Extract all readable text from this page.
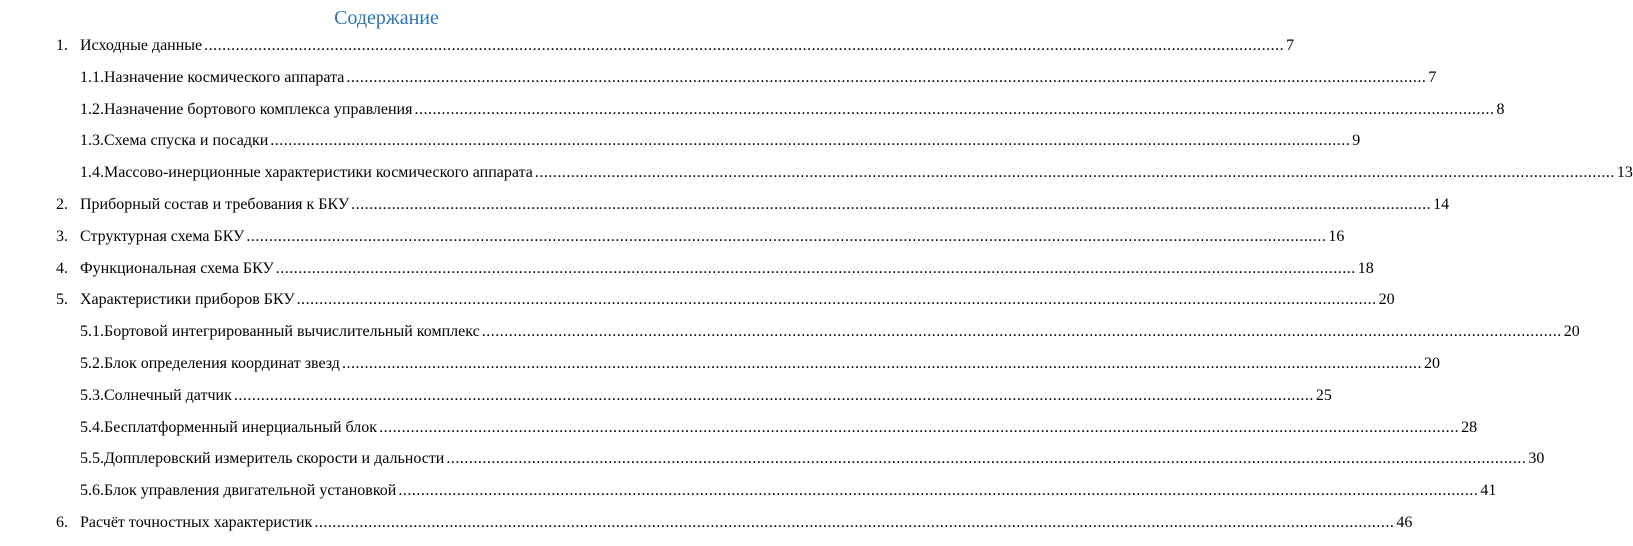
Содержание
1. Исходные данные ................................................................................................................................................................................................................................................ 7
1.1.Назначение космического аппарата ................................................................................................................................................................................................................................................ 7
1.2.Назначение бортового комплекса управления ................................................................................................................................................................................................................................................ 8
1.3.Схема спуска и посадки ................................................................................................................................................................................................................................................ 9
1.4.Массово-инерционные характеристики космического аппарата ................................................................................................................................................................................................................................................ 13
2. Приборный состав и требования к БКУ ................................................................................................................................................................................................................................................ 14
3. Структурная схема БКУ ................................................................................................................................................................................................................................................ 16
4. Функциональная схема БКУ ................................................................................................................................................................................................................................................ 18
5. Характеристики приборов БКУ ................................................................................................................................................................................................................................................ 20
5.1.Бортовой интегрированный вычислительный комплекс ................................................................................................................................................................................................................................................ 20
5.2.Блок определения координат звезд ................................................................................................................................................................................................................................................ 20
5.3.Солнечный датчик ................................................................................................................................................................................................................................................ 25
5.4.Бесплатформенный инерциальный блок ................................................................................................................................................................................................................................................ 28
5.5.Допплеровский измеритель скорости и дальности ................................................................................................................................................................................................................................................ 30
5.6.Блок управления двигательной установкой ................................................................................................................................................................................................................................................ 41
6. Расчёт точностных характеристик ................................................................................................................................................................................................................................................ 46
